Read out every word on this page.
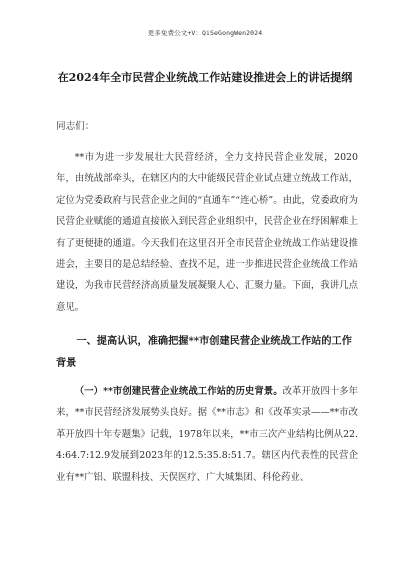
更多免费公文+V：QiSeGongWen2024
在2024年全市民营企业统战工作站建设推进会上的讲话提纲
同志们：
**市为进一步发展壮大民营经济，全力支持民营企业发展，2020年，由统战部牵头，在辖区内的大中能级民营企业试点建立统战工作站，定位为党委政府与民营企业之间的“直通车”“连心桥”。由此，党委政府为民营企业赋能的通道直接嵌入到民营企业组织中，民营企业在纾困解难上有了更便捷的通道。今天我们在这里召开全市民营企业统战工作站建设推进会，主要目的是总结经验、查找不足，进一步推进民营企业统战工作站建设，为我市民营经济高质量发展凝聚人心、汇聚力量。下面，我讲几点意见。
一、提高认识，准确把握**市创建民营企业统战工作站的工作背景
（一）**市创建民营企业统战工作站的历史背景。改革开放四十多年来，**市民营经济发展势头良好。据《**市志》和《改革实录——**市改革开放四十年专题集》记载，1978年以来，**市三次产业结构比例从22.4:64.7:12.9发展到2023年的12.5:35.8:51.7。辖区内代表性的民营企业有**广铝、联盟科技、天俣医疗、广大城集团、科伦药业、
